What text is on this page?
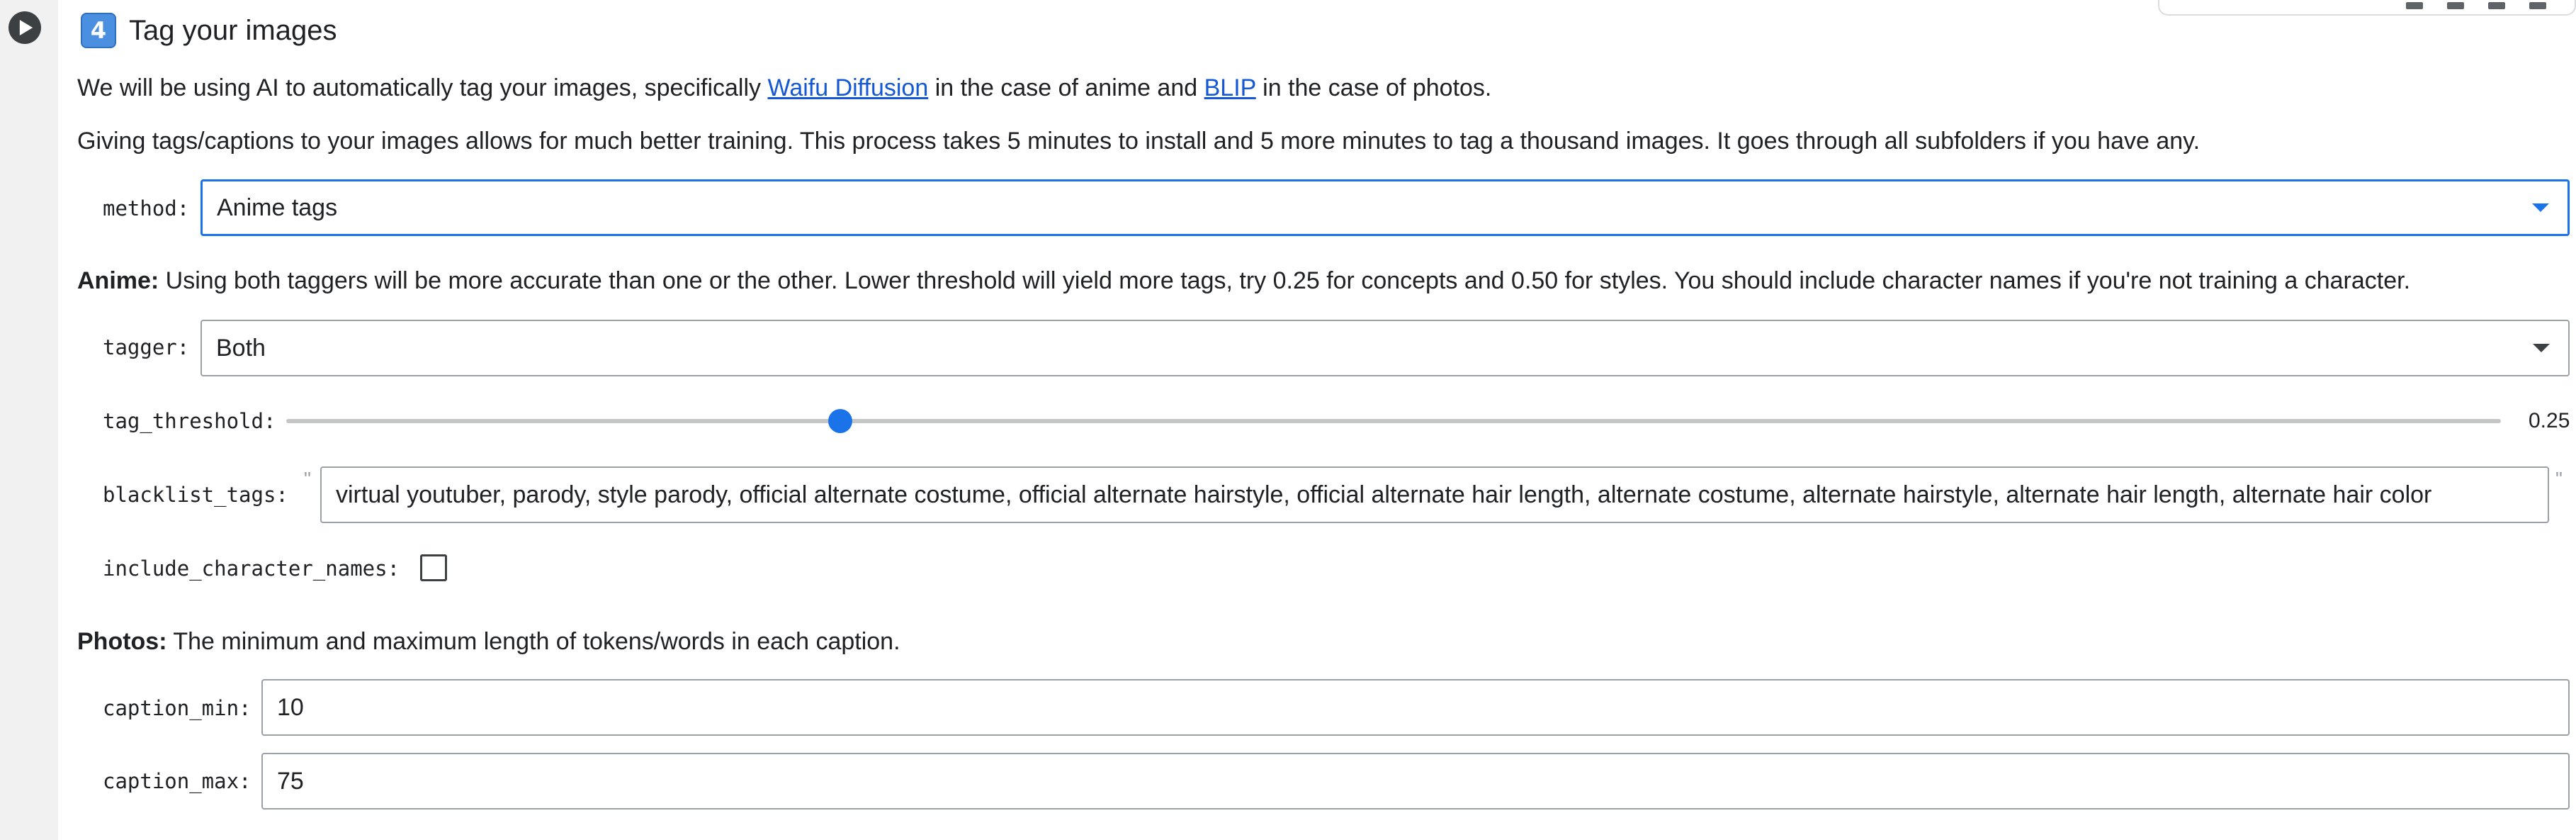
4 Tag your images
We will be using AI to automatically tag your images, specifically Waifu Diffusion in the case of anime and BLIP in the case of photos.
Giving tags/captions to your images allows for much better training. This process takes 5 minutes to install and 5 more minutes to tag a thousand images. It goes through all subfolders if you have any.
method: Anime tags
Anime: Using both taggers will be more accurate than one or the other. Lower threshold will yield more tags, try 0.25 for concepts and 0.50 for styles. You should include character names if you're not training a character.
tagger: Both
tag_threshold:	0.25
blacklist_tags:
"
virtual youtuber, parody, style parody, official alternate costume, official alternate hairstyle, official alternate hair length, alternate costume, alternate hairstyle, alternate hair length, alternate hair color
"
include_character_names:
Photos: The minimum and maximum length of tokens/words in each caption.
caption_min: 10
caption_max: 75
